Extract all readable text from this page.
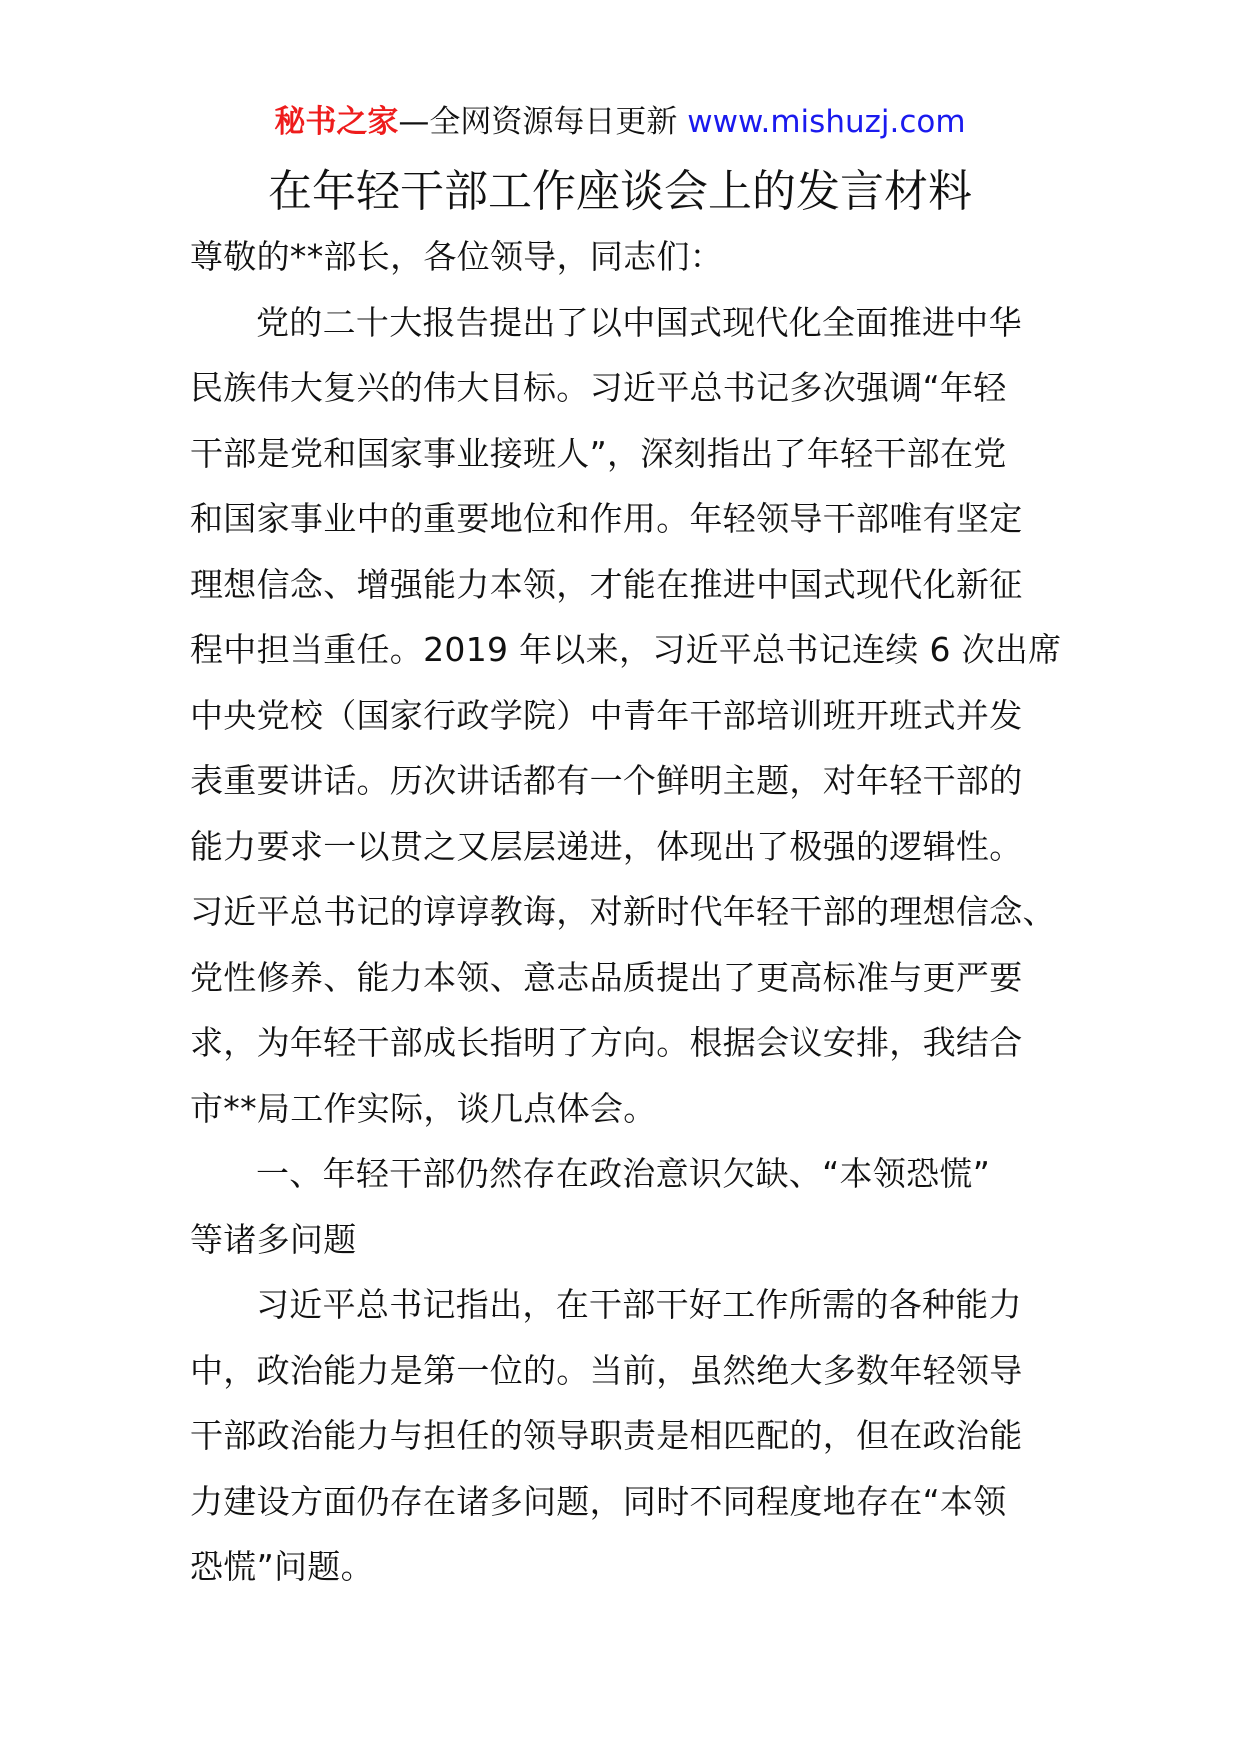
秘书之家—全网资源每日更新 www.mishuzj.com
在年轻干部工作座谈会上的发言材料
尊敬的**部长，各位领导，同志们：
党的二十大报告提出了以中国式现代化全面推进中华
民族伟大复兴的伟大目标。习近平总书记多次强调“年轻
干部是党和国家事业接班人”，深刻指出了年轻干部在党
和国家事业中的重要地位和作用。年轻领导干部唯有坚定
理想信念、增强能力本领，才能在推进中国式现代化新征
程中担当重任。2019 年以来，习近平总书记连续 6 次出席
中央党校（国家行政学院）中青年干部培训班开班式并发
表重要讲话。历次讲话都有一个鲜明主题，对年轻干部的
能力要求一以贯之又层层递进，体现出了极强的逻辑性。
习近平总书记的谆谆教诲，对新时代年轻干部的理想信念、
党性修养、能力本领、意志品质提出了更高标准与更严要
求，为年轻干部成长指明了方向。根据会议安排，我结合
市**局工作实际，谈几点体会。
一、年轻干部仍然存在政治意识欠缺、“本领恐慌”
等诸多问题
习近平总书记指出，在干部干好工作所需的各种能力
中，政治能力是第一位的。当前，虽然绝大多数年轻领导
干部政治能力与担任的领导职责是相匹配的，但在政治能
力建设方面仍存在诸多问题，同时不同程度地存在“本领
恐慌”问题。
